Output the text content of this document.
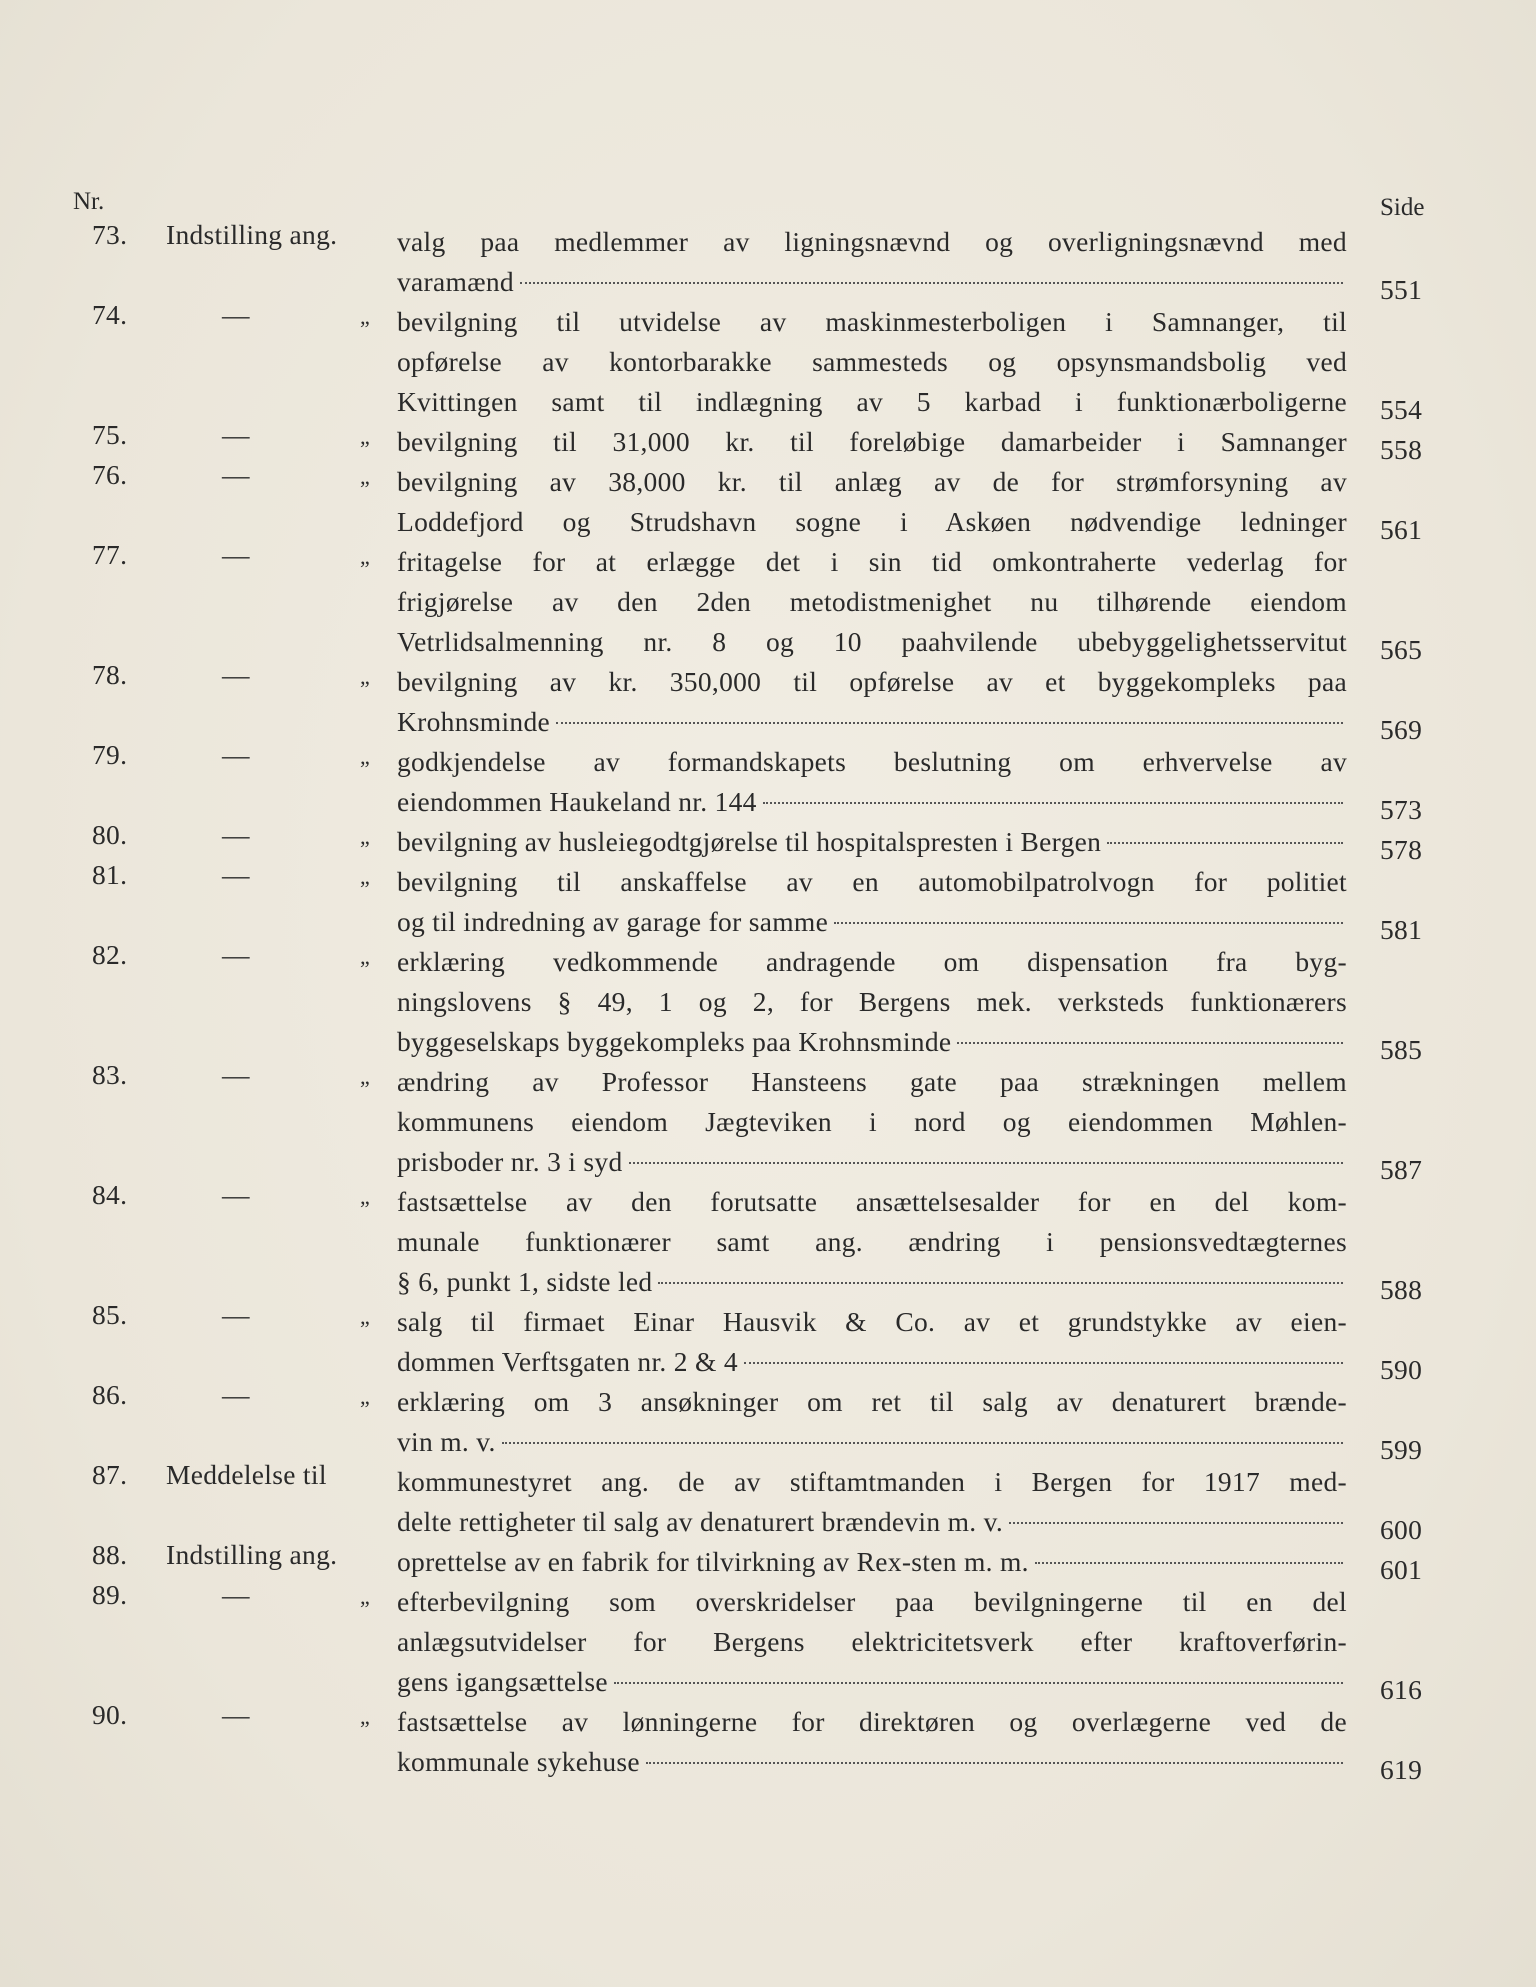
Nr.	Side
73. Indstilling ang. valg paa medlemmer av ligningsnævnd og overligningsnævnd med
varamænd	551
74.	—	„ bevilgning til utvidelse av maskinmesterboligen i Samnanger, til
opførelse av kontorbarakke sammesteds og opsynsmandsbolig ved
Kvittingen samt til indlægning av 5 karbad i funktionærboligerne 554
75.	—	„ bevilgning til 31,000 kr. til foreløbige damarbeider i Samnanger 558
76.	—	„ bevilgning av 38,000 kr. til anlæg av de for strømforsyning av
Loddefjord og Strudshavn sogne i Askøen nødvendige ledninger 561
77.	—	„ fritagelse for at erlægge det i sin tid omkontraherte vederlag for
frigjørelse av den 2den metodistmenighet nu tilhørende eiendom
Vetrlidsalmenning nr. 8 og 10 paahvilende ubebyggelighetsservitut 565
78.	—	„ bevilgning av kr. 350,000 til opførelse av et byggekompleks paa
Krohnsminde	569
79.	—	„ godkjendelse av formandskapets beslutning om erhvervelse av
eiendommen Haukeland nr. 144	573
80.	—	„ bevilgning av husleiegodtgjørelse til hospitalspresten i Bergen	578
81.	—	„ bevilgning til anskaffelse av en automobilpatrolvogn for politiet
og til indredning av garage for samme	581
82.	—	„ erklæring vedkommende andragende om dispensation fra byg-
ningslovens § 49, 1 og 2, for Bergens mek. verksteds funktionærers
byggeselskaps byggekompleks paa Krohnsminde	585
83.	—	„ ændring av Professor Hansteens gate paa strækningen mellem
kommunens eiendom Jægteviken i nord og eiendommen Møhlen-
prisboder nr. 3 i syd	587
84.	—	„ fastsættelse av den forutsatte ansættelsesalder for en del kom-
munale funktionærer samt ang. ændring i pensionsvedtægternes
§ 6, punkt 1, sidste led	588
85.	—	„ salg til firmaet Einar Hausvik & Co. av et grundstykke av eien-
dommen Verftsgaten nr. 2 & 4	590
86.	—	„ erklæring om 3 ansøkninger om ret til salg av denaturert brænde-
vin m. v.	599
87. Meddelelse til	kommunestyret ang. de av stiftamtmanden i Bergen for 1917 med-
delte rettigheter til salg av denaturert brændevin m. v.	600
88. Indstilling ang. oprettelse av en fabrik for tilvirkning av Rex-sten m. m.	601
89.	—	„ efterbevilgning som overskridelser paa bevilgningerne til en del
anlægsutvidelser for Bergens elektricitetsverk efter kraftoverførin-
gens igangsættelse	616
90.	—	„ fastsættelse av lønningerne for direktøren og overlægerne ved de
kommunale sykehuse	619
